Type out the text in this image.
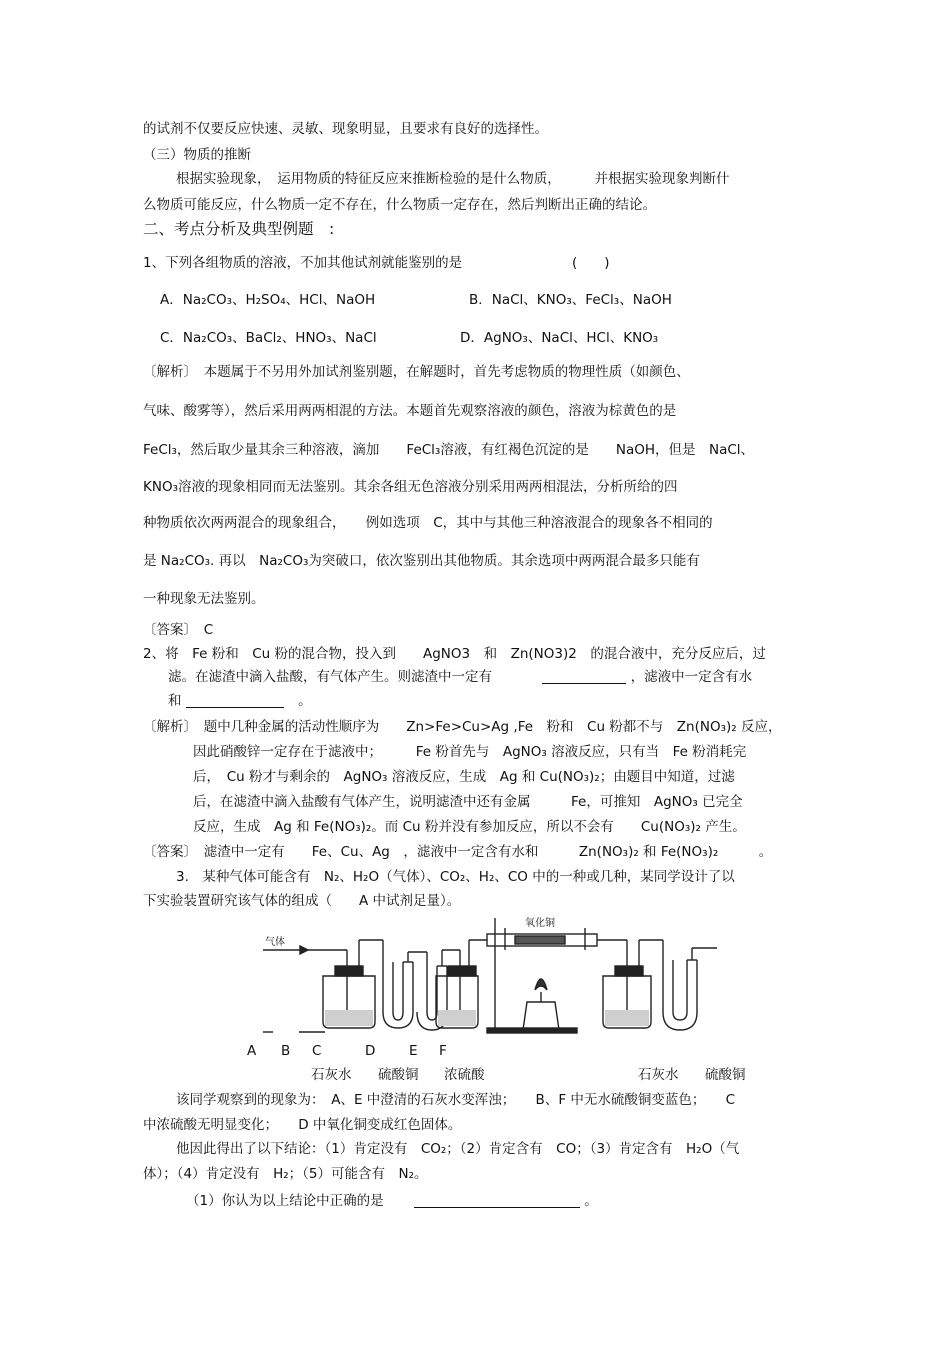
的试剂不仅要反应快速、灵敏、现象明显，且要求有良好的选择性。
（三）物质的推断
根据实验现象，　运用物质的特征反应来推断检验的是什么物质，　　　并根据实验现象判断什
么物质可能反应，什么物质一定不存在，什么物质一定存在，然后判断出正确的结论。
二、考点分析及典型例题　:
1、下列各组物质的溶液，不加其他试剂就能鉴别的是	(　　)
A．Na₂CO₃、H₂SO₄、HCl、NaOH	B．NaCl、KNO₃、FeCl₃、NaOH
C．Na₂CO₃、BaCl₂、HNO₃、NaCl	D．AgNO₃、NaCl、HCl、KNO₃
〔解析〕　本题属于不另用外加试剂鉴别题，在解题时，首先考虑物质的物理性质（如颜色、
气味、酸雾等），然后采用两两相混的方法。本题首先观察溶液的颜色，溶液为棕黄色的是
FeCl₃，然后取少量其余三种溶液，滴加　　FeCl₃溶液，有红褐色沉淀的是　　NaOH，但是　NaCl、
KNO₃溶液的现象相同而无法鉴别。其余各组无色溶液分别采用两两相混法，分析所给的四
种物质依次两两混合的现象组合，　　例如选项　C，其中与其他三种溶液混合的现象各不相同的
是 Na₂CO₃. 再以　Na₂CO₃为突破口，依次鉴别出其他物质。其余选项中两两混合最多只能有
一种现象无法鉴别。
〔答案〕　C
2、将　Fe 粉和　Cu 粉的混合物，投入到　　AgNO3　和　Zn(NO3)2　的混合液中，充分反应后，过
滤。在滤渣中滴入盐酸，有气体产生。则滤渣中一定有	，滤液中一定含有水
和	。
〔解析〕　题中几种金属的活动性顺序为　　Zn>Fe>Cu>Ag ,Fe　粉和　Cu 粉都不与　Zn(NO₃)₂ 反应，
因此硝酸锌一定存在于滤液中；　　　Fe 粉首先与　AgNO₃ 溶液反应，只有当　Fe 粉消耗完
后，　Cu 粉才与剩余的　AgNO₃ 溶液反应，生成　Ag 和 Cu(NO₃)₂；由题目中知道，过滤
后，在滤渣中滴入盐酸有气体产生，说明滤渣中还有金属　　　Fe，可推知　AgNO₃ 已完全
反应，生成　Ag 和 Fe(NO₃)₂。而 Cu 粉并没有参加反应，所以不会有　　Cu(NO₃)₂ 产生。
〔答案〕　滤渣中一定有　　Fe、Cu、Ag　，滤液中一定含有水和　　　Zn(NO₃)₂ 和 Fe(NO₃)₂　　　。
3.　某种气体可能含有　N₂、H₂O（气体）、CO₂、H₂、CO 中的一种或几种，某同学设计了以
下实验装置研究该气体的组成（　　A 中试剂足量）。
气体
氧化铜
A B C	D E F
石灰水 硫酸铜 浓硫酸	石灰水 硫酸铜
该同学观察到的现象为：　A、E 中澄清的石灰水变浑浊；　　B、F 中无水硫酸铜变蓝色；　　C
中浓硫酸无明显变化；　　D 中氧化铜变成红色固体。
他因此得出了以下结论：（1）肯定没有　CO₂；（2）肯定含有　CO；（3）肯定含有　H₂O（气
体）；（4）肯定没有　H₂；（5）可能含有　N₂。
（1）你认为以上结论中正确的是	。
